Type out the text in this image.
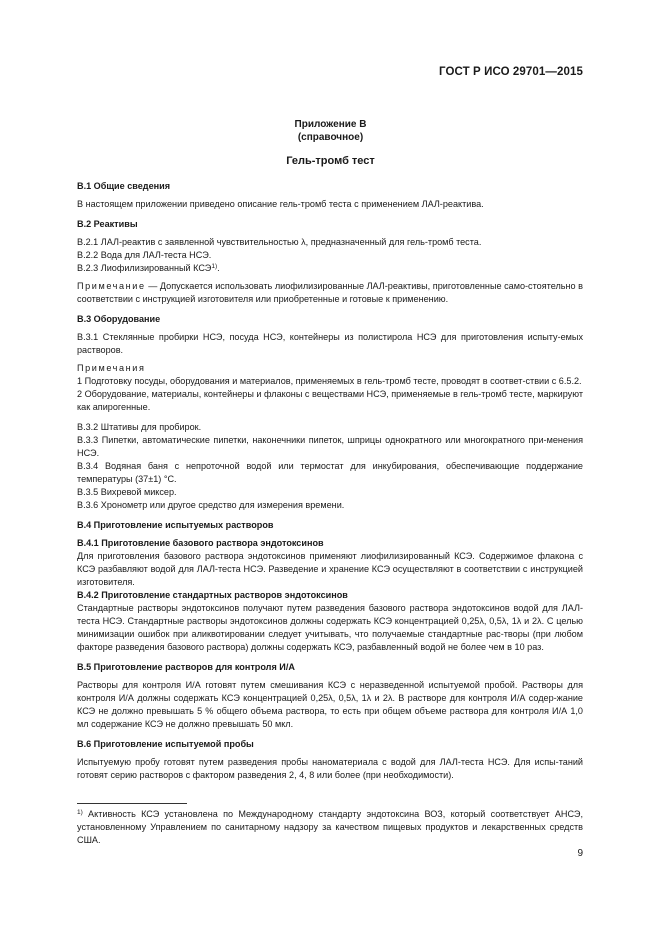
ГОСТ Р ИСО 29701—2015
Приложение В
(справочное)
Гель-тромб тест

В.1 Общие сведения

В настоящем приложении приведено описание гель-тромб теста с применением ЛАЛ-реактива.

В.2 Реактивы

В.2.1 ЛАЛ-реактив с заявленной чувствительностью λ, предназначенный для гель-тромб теста.

В.2.2 Вода для ЛАЛ-теста НСЭ.

В.2.3 Лиофилизированный КСЭ$^{1)}$.

Примечание — Допускается использовать лиофилизированные ЛАЛ-реактивы, приготовленные само-стоятельно в соответствии с инструкцией изготовителя или приобретенные и готовые к применению.

В.3 Оборудование

В.3.1 Стеклянные пробирки НСЭ, посуда НСЭ, контейнеры из полистирола НСЭ для приготовления испыту-емых растворов.

Примечания

1 Подготовку посуды, оборудования и материалов, применяемых в гель-тромб тесте, проводят в соответ-ствии с 6.5.2.

2 Оборудование, материалы, контейнеры и флаконы с веществами НСЭ, применяемые в гель-тромб тесте, маркируют как апирогенные.

В.3.2 Штативы для пробирок.

В.3.3 Пипетки, автоматические пипетки, наконечники пипеток, шприцы однократного или многократного при-менения НСЭ.

В.3.4 Водяная баня с непроточной водой или термостат для инкубирования, обеспечивающие поддержание температуры (37±1) °С.

В.3.5 Вихревой миксер.

В.3.6 Хронометр или другое средство для измерения времени.

В.4 Приготовление испытуемых растворов

В.4.1 Приготовление базового раствора эндотоксинов

Для приготовления базового раствора эндотоксинов применяют лиофилизированный КСЭ. Содержимое флакона с КСЭ разбавляют водой для ЛАЛ-теста НСЭ. Разведение и хранение КСЭ осуществляют в соответствии с инструкцией изготовителя.

В.4.2 Приготовление стандартных растворов эндотоксинов

Стандартные растворы эндотоксинов получают путем разведения базового раствора эндотоксинов водой для ЛАЛ-теста НСЭ. Стандартные растворы эндотоксинов должны содержать КСЭ концентрацией 0,25λ, 0,5λ, 1λ и 2λ. С целью минимизации ошибок при аликвотировании следует учитывать, что получаемые стандартные рас-творы (при любом факторе разведения базового раствора) должны содержать КСЭ, разбавленный водой не более чем в 10 раз.

В.5 Приготовление растворов для контроля И/А

Растворы для контроля И/А готовят путем смешивания КСЭ с неразведенной испытуемой пробой. Растворы для контроля И/А должны содержать КСЭ концентрацией 0,25λ, 0,5λ, 1λ и 2λ. В растворе для контроля И/А содер-жание КСЭ не должно превышать 5 % общего объема раствора, то есть при общем объеме раствора для контроля И/А 1,0 мл содержание КСЭ не должно превышать 50 мкл.

В.6 Приготовление испытуемой пробы

Испытуемую пробу готовят путем разведения пробы наноматериала с водой для ЛАЛ-теста НСЭ. Для испы-таний готовят серию растворов с фактором разведения 2, 4, 8 или более (при необходимости).

$^{1)}$ Активность КСЭ установлена по Международному стандарту эндотоксина ВОЗ, который соответствует АНСЭ, установленному Управлением по санитарному надзору за качеством пищевых продуктов и лекарственных средств США.
9
